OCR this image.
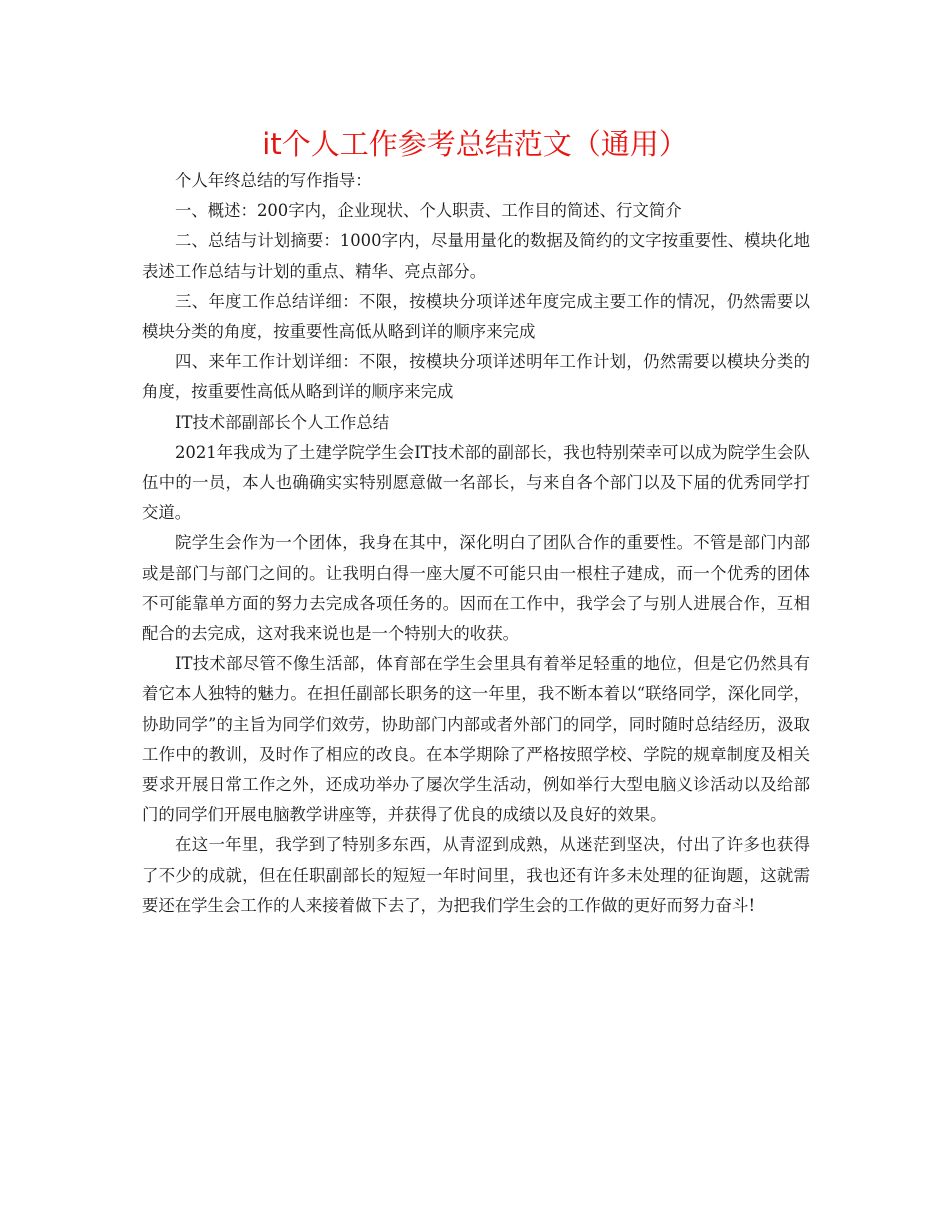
it个人工作参考总结范文（通用）

个人年终总结的写作指导：

一、概述：200字内，企业现状、个人职责、工作目的简述、行文简介

二、总结与计划摘要：1000字内，尽量用量化的数据及简约的文字按重要性、模块化地表述工作总结与计划的重点、精华、亮点部分。

三、年度工作总结详细：不限，按模块分项详述年度完成主要工作的情况，仍然需要以模块分类的角度，按重要性高低从略到详的顺序来完成

四、来年工作计划详细：不限，按模块分项详述明年工作计划，仍然需要以模块分类的角度，按重要性高低从略到详的顺序来完成

IT技术部副部长个人工作总结

2021年我成为了土建学院学生会IT技术部的副部长，我也特别荣幸可以成为院学生会队伍中的一员，本人也确确实实特别愿意做一名部长，与来自各个部门以及下届的优秀同学打交道。

院学生会作为一个团体，我身在其中，深化明白了团队合作的重要性。不管是部门内部或是部门与部门之间的。让我明白得一座大厦不可能只由一根柱子建成，而一个优秀的团体不可能靠单方面的努力去完成各项任务的。因而在工作中，我学会了与别人进展合作，互相配合的去完成，这对我来说也是一个特别大的收获。

IT技术部尽管不像生活部，体育部在学生会里具有着举足轻重的地位，但是它仍然具有着它本人独特的魅力。在担任副部长职务的这一年里，我不断本着以“联络同学，深化同学，协助同学”的主旨为同学们效劳，协助部门内部或者外部门的同学，同时随时总结经历，汲取工作中的教训，及时作了相应的改良。在本学期除了严格按照学校、学院的规章制度及相关要求开展日常工作之外，还成功举办了屡次学生活动，例如举行大型电脑义诊活动以及给部门的同学们开展电脑教学讲座等，并获得了优良的成绩以及良好的效果。

在这一年里，我学到了特别多东西，从青涩到成熟，从迷茫到坚决，付出了许多也获得了不少的成就，但在任职副部长的短短一年时间里，我也还有许多未处理的征询题，这就需要还在学生会工作的人来接着做下去了，为把我们学生会的工作做的更好而努力奋斗!
